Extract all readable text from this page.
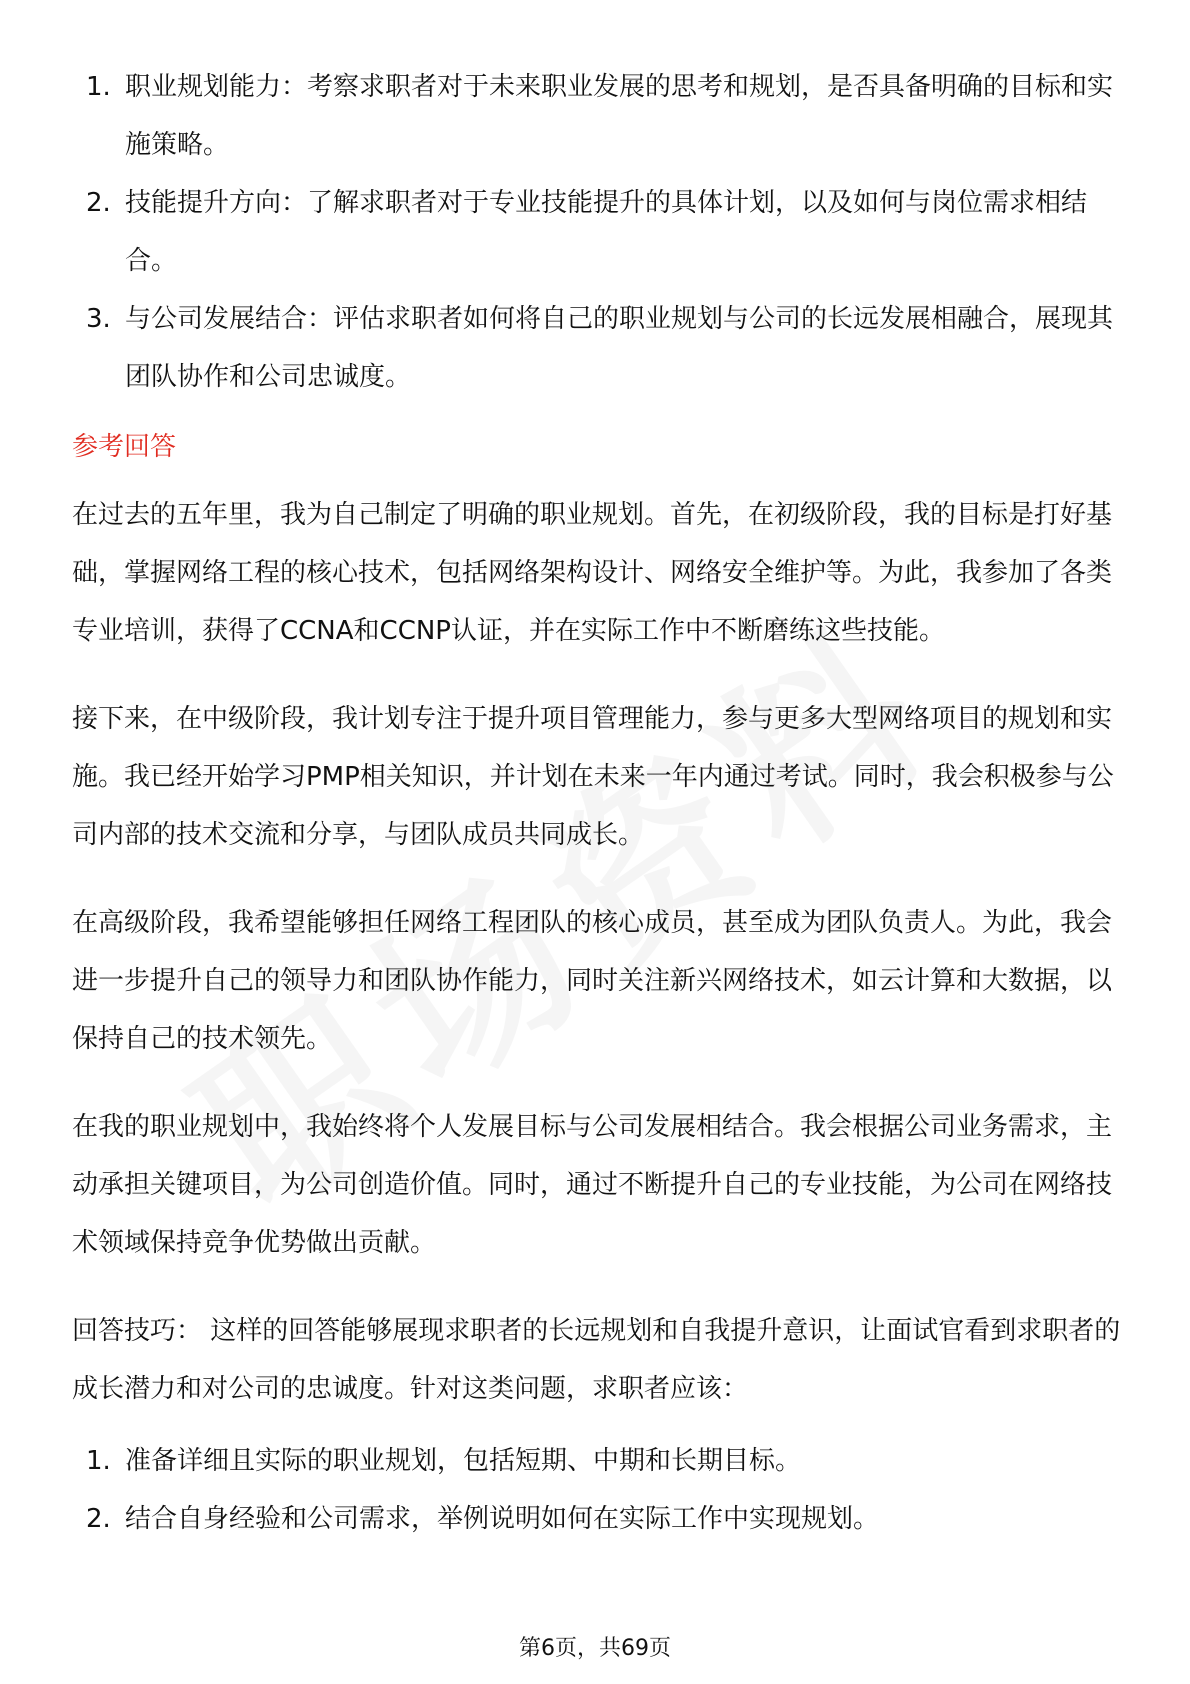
1. 职业规划能力：考察求职者对于未来职业发展的思考和规划，是否具备明确的目标和实施策略。
2. 技能提升方向：了解求职者对于专业技能提升的具体计划，以及如何与岗位需求相结合。
3. 与公司发展结合：评估求职者如何将自己的职业规划与公司的长远发展相融合，展现其团队协作和公司忠诚度。
参考回答

在过去的五年里，我为自己制定了明确的职业规划。首先，在初级阶段，我的目标是打好基础，掌握网络工程的核心技术，包括网络架构设计、网络安全维护等。为此，我参加了各类专业培训，获得了CCNA和CCNP认证，并在实际工作中不断磨练这些技能。

接下来，在中级阶段，我计划专注于提升项目管理能力，参与更多大型网络项目的规划和实施。我已经开始学习PMP相关知识，并计划在未来一年内通过考试。同时，我会积极参与公司内部的技术交流和分享，与团队成员共同成长。

在高级阶段，我希望能够担任网络工程团队的核心成员，甚至成为团队负责人。为此，我会进一步提升自己的领导力和团队协作能力，同时关注新兴网络技术，如云计算和大数据，以保持自己的技术领先。

在我的职业规划中，我始终将个人发展目标与公司发展相结合。我会根据公司业务需求，主动承担关键项目，为公司创造价值。同时，通过不断提升自己的专业技能，为公司在网络技术领域保持竞争优势做出贡献。

回答技巧： 这样的回答能够展现求职者的长远规划和自我提升意识，让面试官看到求职者的成长潜力和对公司的忠诚度。针对这类问题，求职者应该：

1. 准备详细且实际的职业规划，包括短期、中期和长期目标。
2. 结合自身经验和公司需求，举例说明如何在实际工作中实现规划。
第6页，共69页
